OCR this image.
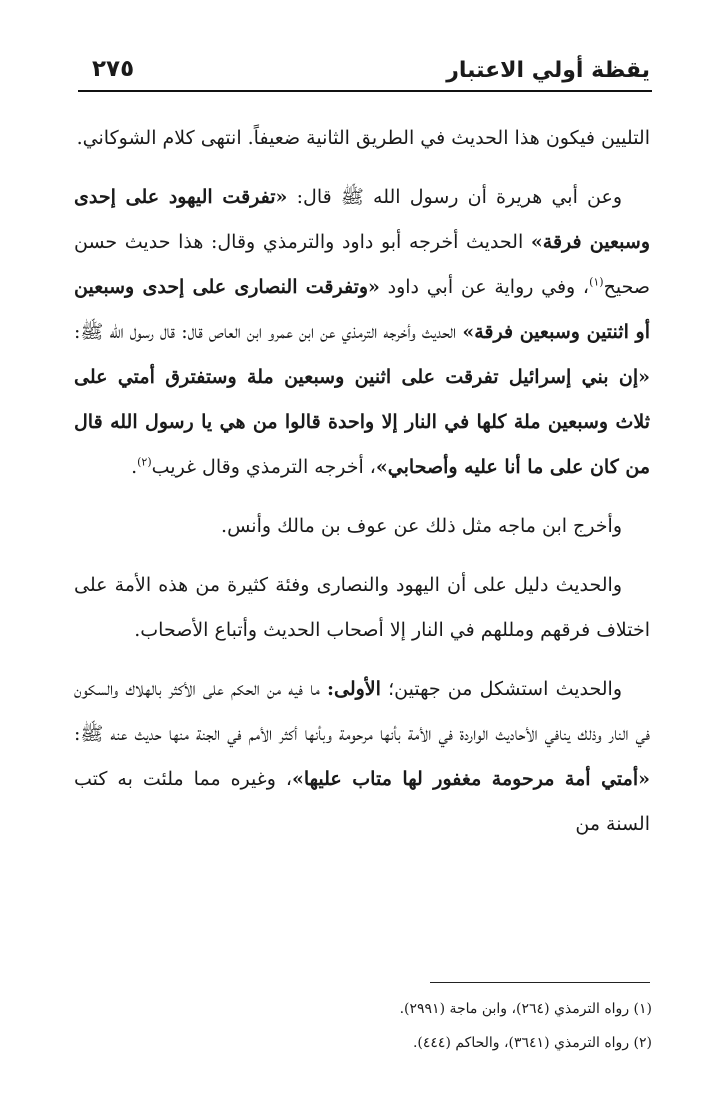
يقظة أولي الاعتبار
٢٧٥

التليين فيكون هذا الحديث في الطريق الثانية ضعيفاً. انتهى كلام الشوكاني.

وعن أبي هريرة أن رسول الله ﷺ قال: «تفرقت اليهود على إحدى وسبعين فرقة» الحديث أخرجه أبو داود والترمذي وقال: هذا حديث حسن صحيح$^{(١)}$، وفي رواية عن أبي داود «وتفرقت النصارى على إحدى وسبعين أو اثنتين وسبعين فرقة» الحديث وأخرجه الترمذي عن ابن عمرو ابن العاص قال: قال رسول الله ﷺ: «إن بني إسرائيل تفرقت على اثنين وسبعين ملة وستفترق أمتي على ثلاث وسبعين ملة كلها في النار إلا واحدة قالوا من هي يا رسول الله قال من كان على ما أنا عليه وأصحابي»، أخرجه الترمذي وقال غريب$^{(٢)}$.

وأخرج ابن ماجه مثل ذلك عن عوف بن مالك وأنس.

والحديث دليل على أن اليهود والنصارى وفئة كثيرة من هذه الأمة على اختلاف فرقهم ومللهم في النار إلا أصحاب الحديث وأتباع الأصحاب.

والحديث استشكل من جهتين؛ الأولى: ما فيه من الحكم على الأكثر بالهلاك والسكون في النار وذلك ينافي الأحاديث الواردة في الأمة بأنها مرحومة وبأنها أكثر الأمم في الجنة منها حديث عنه ﷺ: «أمتي أمة مرحومة مغفور لها متاب عليها»، وغيره مما ملئت به كتب السنة من

(١) رواه الترمذي (٢٦٤)، وابن ماجة (٢٩٩١).
(٢) رواه الترمذي (٣٦٤١)، والحاكم (٤٤٤).
